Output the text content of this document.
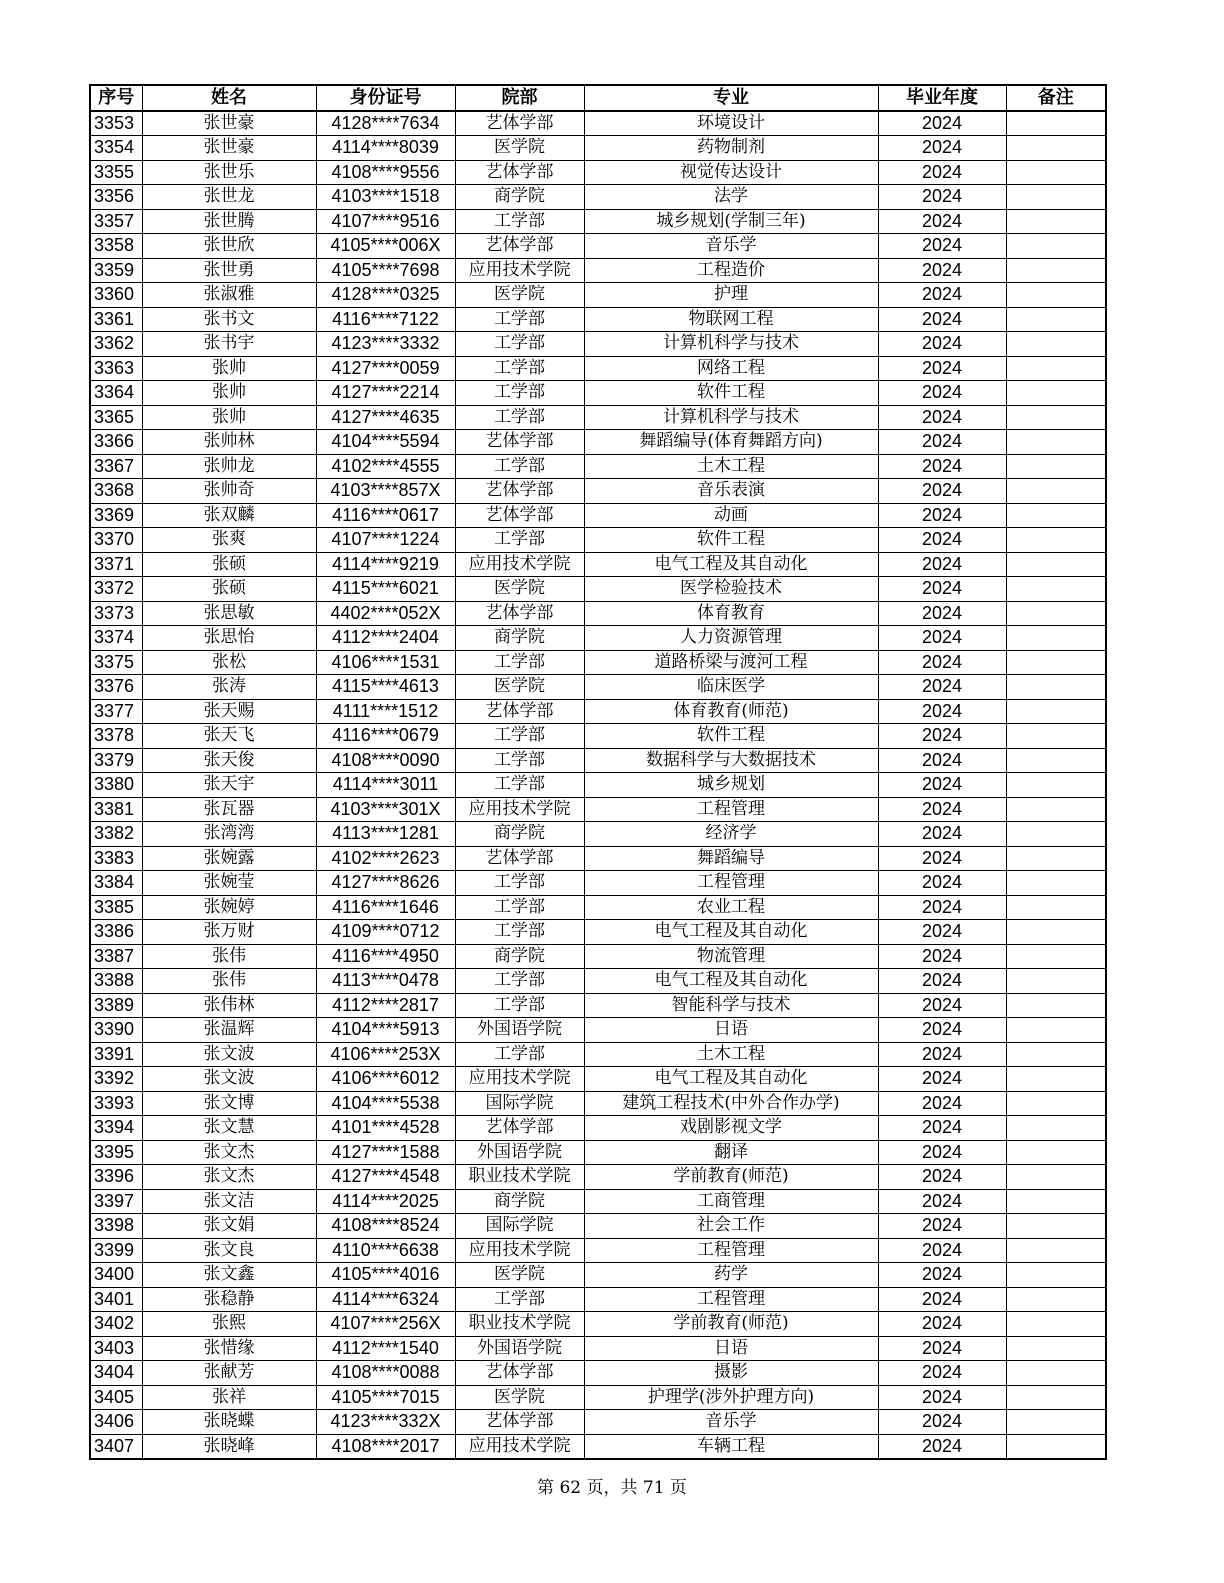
序号	姓名	身份证号	院部	专业	毕业年度	备注
3353	张世豪	4128****7634	艺体学部	环境设计	2024	
3354	张世豪	4114****8039	医学院	药物制剂	2024	
3355	张世乐	4108****9556	艺体学部	视觉传达设计	2024	
3356	张世龙	4103****1518	商学院	法学	2024	
3357	张世腾	4107****9516	工学部	城乡规划(学制三年)	2024	
3358	张世欣	4105****006X	艺体学部	音乐学	2024	
3359	张世勇	4105****7698	应用技术学院	工程造价	2024	
3360	张淑雅	4128****0325	医学院	护理	2024	
3361	张书文	4116****7122	工学部	物联网工程	2024	
3362	张书宇	4123****3332	工学部	计算机科学与技术	2024	
3363	张帅	4127****0059	工学部	网络工程	2024	
3364	张帅	4127****2214	工学部	软件工程	2024	
3365	张帅	4127****4635	工学部	计算机科学与技术	2024	
3366	张帅林	4104****5594	艺体学部	舞蹈编导(体育舞蹈方向)	2024	
3367	张帅龙	4102****4555	工学部	土木工程	2024	
3368	张帅奇	4103****857X	艺体学部	音乐表演	2024	
3369	张双麟	4116****0617	艺体学部	动画	2024	
3370	张爽	4107****1224	工学部	软件工程	2024	
3371	张硕	4114****9219	应用技术学院	电气工程及其自动化	2024	
3372	张硕	4115****6021	医学院	医学检验技术	2024	
3373	张思敏	4402****052X	艺体学部	体育教育	2024	
3374	张思怡	4112****2404	商学院	人力资源管理	2024	
3375	张松	4106****1531	工学部	道路桥梁与渡河工程	2024	
3376	张涛	4115****4613	医学院	临床医学	2024	
3377	张天赐	4111****1512	艺体学部	体育教育(师范)	2024	
3378	张天飞	4116****0679	工学部	软件工程	2024	
3379	张天俊	4108****0090	工学部	数据科学与大数据技术	2024	
3380	张天宇	4114****3011	工学部	城乡规划	2024	
3381	张瓦器	4103****301X	应用技术学院	工程管理	2024	
3382	张湾湾	4113****1281	商学院	经济学	2024	
3383	张婉露	4102****2623	艺体学部	舞蹈编导	2024	
3384	张婉莹	4127****8626	工学部	工程管理	2024	
3385	张婉婷	4116****1646	工学部	农业工程	2024	
3386	张万财	4109****0712	工学部	电气工程及其自动化	2024	
3387	张伟	4116****4950	商学院	物流管理	2024	
3388	张伟	4113****0478	工学部	电气工程及其自动化	2024	
3389	张伟林	4112****2817	工学部	智能科学与技术	2024	
3390	张温辉	4104****5913	外国语学院	日语	2024	
3391	张文波	4106****253X	工学部	土木工程	2024	
3392	张文波	4106****6012	应用技术学院	电气工程及其自动化	2024	
3393	张文博	4104****5538	国际学院	建筑工程技术(中外合作办学)	2024	
3394	张文慧	4101****4528	艺体学部	戏剧影视文学	2024	
3395	张文杰	4127****1588	外国语学院	翻译	2024	
3396	张文杰	4127****4548	职业技术学院	学前教育(师范)	2024	
3397	张文洁	4114****2025	商学院	工商管理	2024	
3398	张文娟	4108****8524	国际学院	社会工作	2024	
3399	张文良	4110****6638	应用技术学院	工程管理	2024	
3400	张文鑫	4105****4016	医学院	药学	2024	
3401	张稳静	4114****6324	工学部	工程管理	2024	
3402	张熙	4107****256X	职业技术学院	学前教育(师范)	2024	
3403	张惜缘	4112****1540	外国语学院	日语	2024	
3404	张献芳	4108****0088	艺体学部	摄影	2024	
3405	张祥	4105****7015	医学院	护理学(涉外护理方向)	2024	
3406	张晓蝶	4123****332X	艺体学部	音乐学	2024	
3407	张晓峰	4108****2017	应用技术学院	车辆工程	2024	
第 62 页，共 71 页
